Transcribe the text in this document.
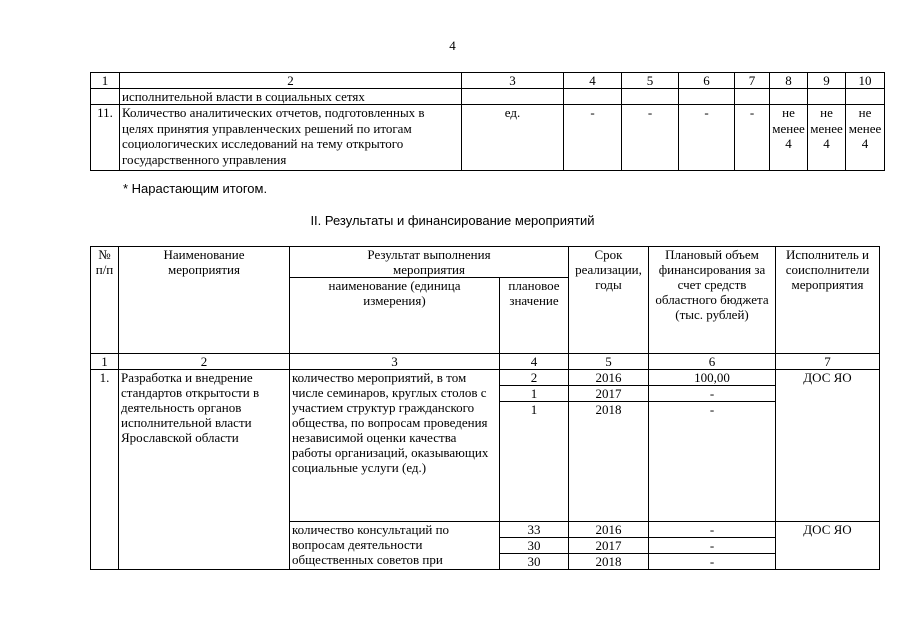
4
1	2	3	4	5	6	7	8	9	10
	исполнительной власти в социальных сетях								
11.	Количество аналитических отчетов, подготовленных в целях принятия управленческих решений по итогам социологических исследований на тему открытого государственного управления	ед.	-	-	-	-	не менее 4	не менее 4	не менее 4
* Нарастающим итогом.
II. Результаты и финансирование мероприятий
№ п/п	Наименование мероприятия	Результат выполнения мероприятия		Срок реализации, годы	Плановый объем финансирования за счет средств областного бюджета (тыс. рублей)	Исполнитель и соисполнители мероприятия
		наименование (единица измерения)	плановое значение			
1	2	3	4	5	6	7
1.	Разработка и внедрение стандартов открытости в деятельность органов исполнительной власти Ярославской области	количество мероприятий, в том числе семинаров, круглых столов с участием структур гражданского общества, по вопросам проведения независимой оценки качества работы организаций, оказывающих социальные услуги (ед.)	2	2016	100,00	ДОС ЯО
			1	2017	-	
			1	2018	-	
		количество консультаций по вопросам деятельности общественных советов при	33	2016	-	ДОС ЯО
			30	2017	-	
			30	2018	-	
